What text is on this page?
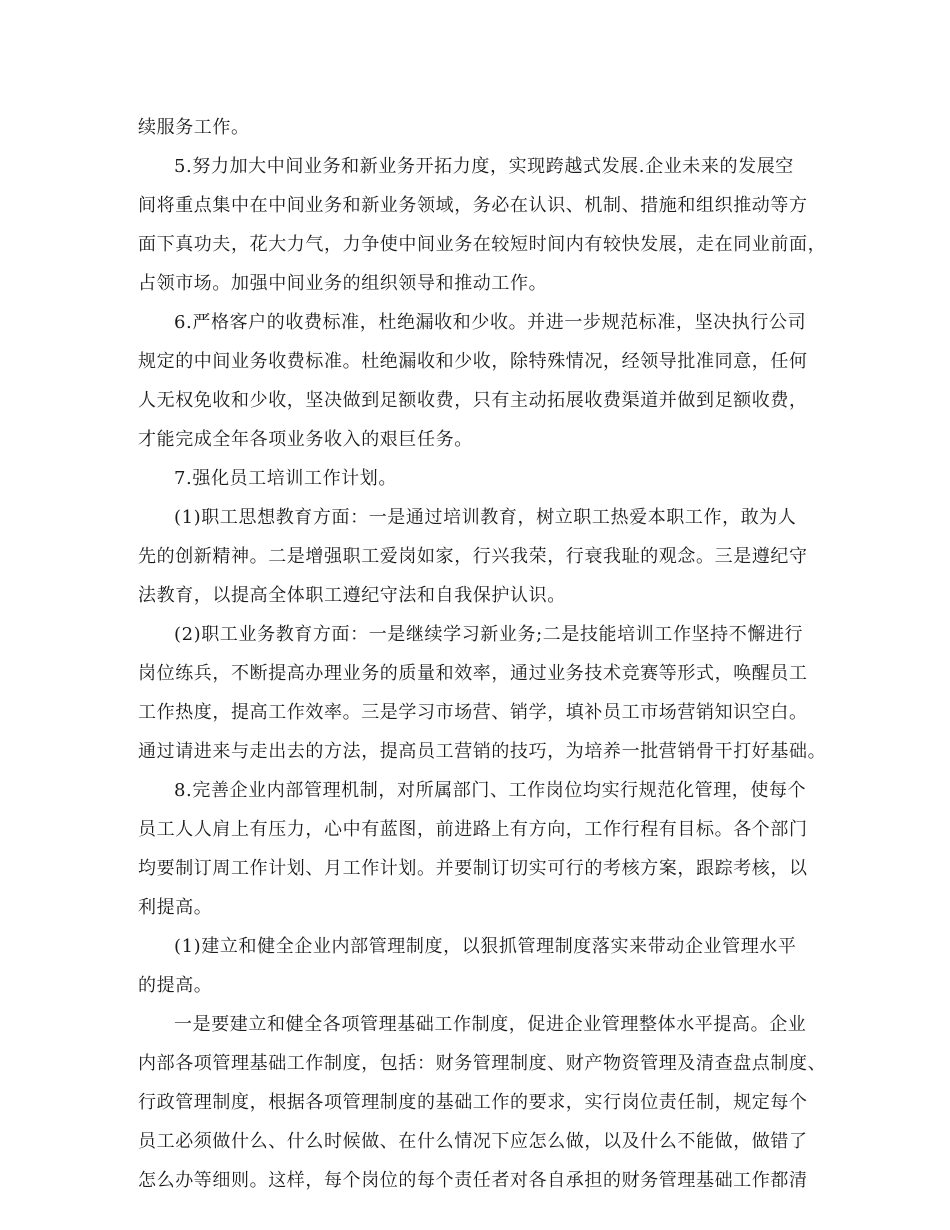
续服务工作。
5.努力加大中间业务和新业务开拓力度，实现跨越式发展.企业未来的发展空
间将重点集中在中间业务和新业务领域，务必在认识、机制、措施和组织推动等方
面下真功夫，花大力气，力争使中间业务在较短时间内有较快发展，走在同业前面，
占领市场。加强中间业务的组织领导和推动工作。
6.严格客户的收费标准，杜绝漏收和少收。并进一步规范标准，坚决执行公司
规定的中间业务收费标准。杜绝漏收和少收，除特殊情况，经领导批准同意，任何
人无权免收和少收，坚决做到足额收费，只有主动拓展收费渠道并做到足额收费，
才能完成全年各项业务收入的艰巨任务。
7.强化员工培训工作计划。
(1)职工思想教育方面：一是通过培训教育，树立职工热爱本职工作，敢为人
先的创新精神。二是增强职工爱岗如家，行兴我荣，行衰我耻的观念。三是遵纪守
法教育，以提高全体职工遵纪守法和自我保护认识。
(2)职工业务教育方面：一是继续学习新业务;二是技能培训工作坚持不懈进行
岗位练兵，不断提高办理业务的质量和效率，通过业务技术竞赛等形式，唤醒员工
工作热度，提高工作效率。三是学习市场营、销学，填补员工市场营销知识空白。
通过请进来与走出去的方法，提高员工营销的技巧，为培养一批营销骨干打好基础。
8.完善企业内部管理机制，对所属部门、工作岗位均实行规范化管理，使每个
员工人人肩上有压力，心中有蓝图，前进路上有方向，工作行程有目标。各个部门
均要制订周工作计划、月工作计划。并要制订切实可行的考核方案，跟踪考核，以
利提高。
(1)建立和健全企业内部管理制度，以狠抓管理制度落实来带动企业管理水平
的提高。
一是要建立和健全各项管理基础工作制度，促进企业管理整体水平提高。企业
内部各项管理基础工作制度，包括：财务管理制度、财产物资管理及清查盘点制度、
行政管理制度，根据各项管理制度的基础工作的要求，实行岗位责任制，规定每个
员工必须做什么、什么时候做、在什么情况下应怎么做，以及什么不能做，做错了
怎么办等细则。这样，每个岗位的每个责任者对各自承担的财务管理基础工作都清
